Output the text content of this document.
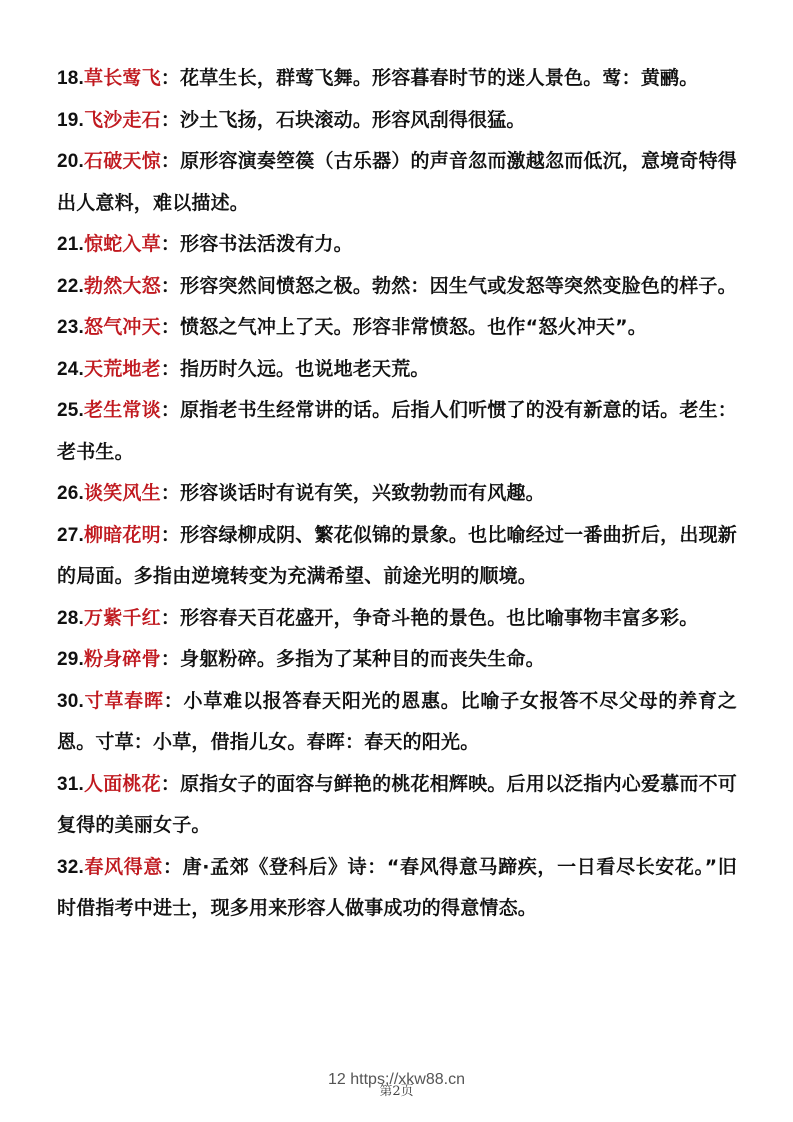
18.草长莺飞：花草生长，群莺飞舞。形容暮春时节的迷人景色。莺：黄鹂。
19.飞沙走石：沙土飞扬，石块滚动。形容风刮得很猛。
20.石破天惊：原形容演奏箜篌（古乐器）的声音忽而激越忽而低沉，意境奇特得出人意料，难以描述。
21.惊蛇入草：形容书法活泼有力。
22.勃然大怒：形容突然间愤怒之极。勃然：因生气或发怒等突然变脸色的样子。
23.怒气冲天：愤怒之气冲上了天。形容非常愤怒。也作“怒火冲天”。
24.天荒地老：指历时久远。也说地老天荒。
25.老生常谈：原指老书生经常讲的话。后指人们听惯了的没有新意的话。老生：老书生。
26.谈笑风生：形容谈话时有说有笑，兴致勃勃而有风趣。
27.柳暗花明：形容绿柳成阴、繁花似锦的景象。也比喻经过一番曲折后，出现新的局面。多指由逆境转变为充满希望、前途光明的顺境。
28.万紫千红：形容春天百花盛开，争奇斗艳的景色。也比喻事物丰富多彩。
29.粉身碎骨：身躯粉碎。多指为了某种目的而丧失生命。
30.寸草春晖：小草难以报答春天阳光的恩惠。比喻子女报答不尽父母的养育之恩。寸草：小草，借指儿女。春晖：春天的阳光。
31.人面桃花：原指女子的面容与鲜艳的桃花相辉映。后用以泛指内心爱慕而不可复得的美丽女子。
32.春风得意：唐·孟郊《登科后》诗：“春风得意马蹄疾，一日看尽长安花。”旧时借指考中进士，现多用来形容人做事成功的得意情态。
12 https://xkw88.cn
第2页
